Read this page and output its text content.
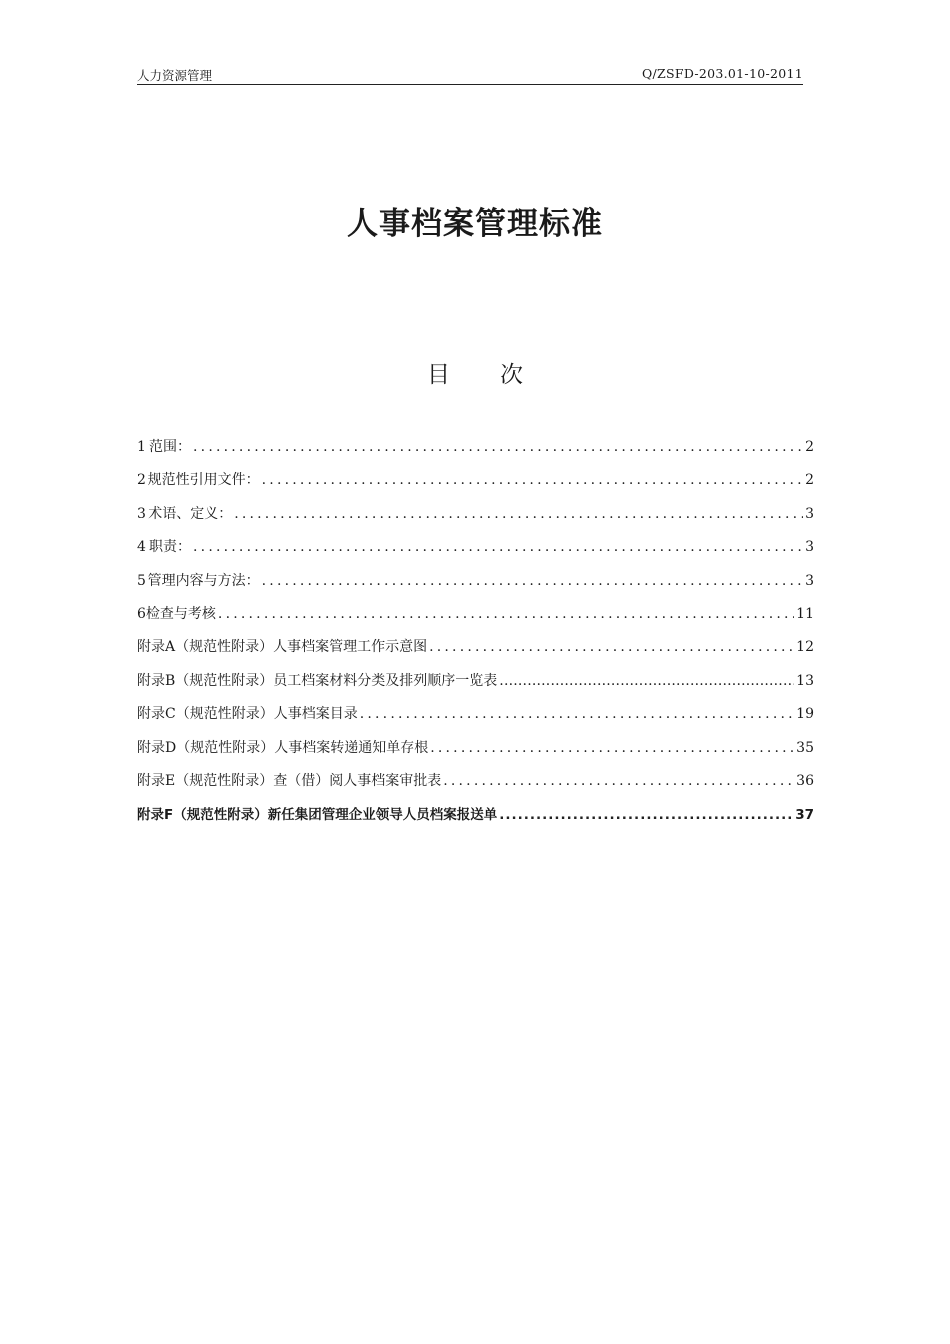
人力资源管理	Q/ZSFD-203.01-10-2011
人事档案管理标准
目 次
1 范围： .....	2
2 规范性引用文件： .....	2
3 术语、定义： .....	3
4 职责： .....	3
5 管理内容与方法： .....	3
6 检查与考核 .....	11
附录A（规范性附录）人事档案管理工作示意图 .....	12
附录B（规范性附录）员工档案材料分类及排列顺序一览表 .....	13
附录C（规范性附录）人事档案目录 .....	19
附录D（规范性附录）人事档案转递通知单存根 .....	35
附录E（规范性附录）查（借）阅人事档案审批表 .....	36
附录F（规范性附录）新任集团管理企业领导人员档案报送单 .....	37
